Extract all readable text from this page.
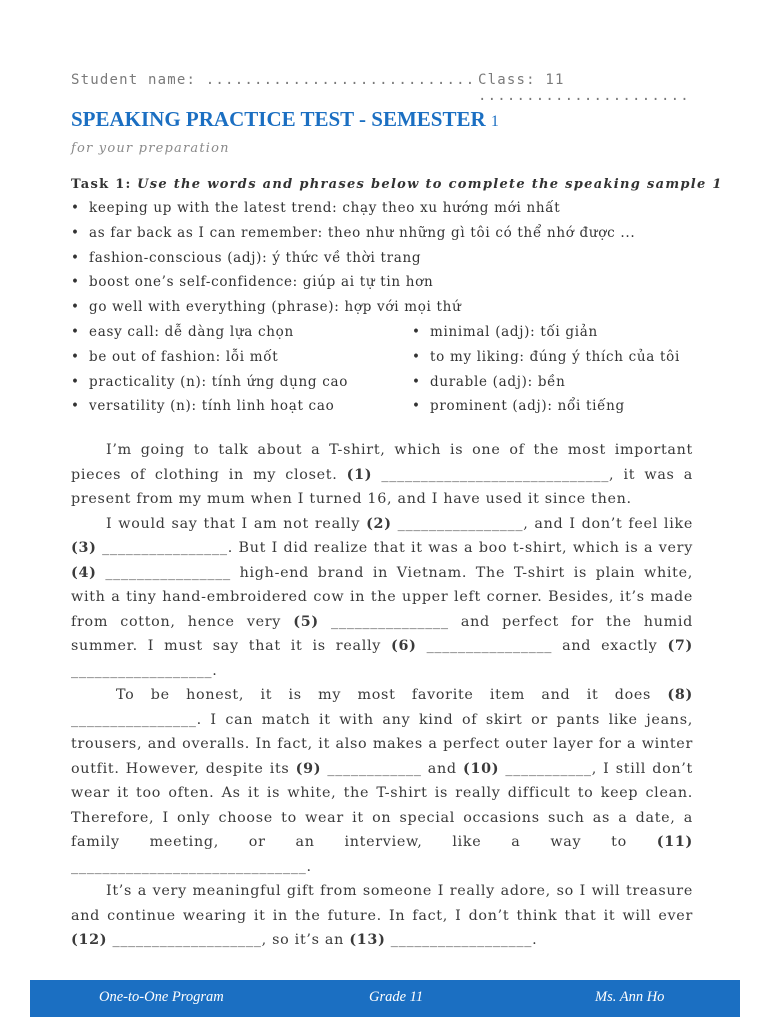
Student name: ............................ Class: 11 ......................
SPEAKING PRACTICE TEST - SEMESTER 1
for your preparation
Task 1: Use the words and phrases below to complete the speaking sample 1
• keeping up with the latest trend: chạy theo xu hướng mới nhất
• as far back as I can remember: theo như những gì tôi có thể nhớ được ...
• fashion-conscious (adj): ý thức về thời trang
• boost one’s self-confidence: giúp ai tự tin hơn
• go well with everything (phrase): hợp với mọi thứ
• easy call: dễ dàng lựa chọn	• minimal (adj): tối giản
• be out of fashion: lỗi mốt	• to my liking: đúng ý thích của tôi
• practicality (n): tính ứng dụng cao	• durable (adj): bền
• versatility (n): tính linh hoạt cao	• prominent (adj): nổi tiếng

I’m going to talk about a T-shirt, which is one of the most important pieces of clothing in my closet. (1) _____________________________, it was a present from my mum when I turned 16, and I have used it since then.

I would say that I am not really (2) ________________, and I don’t feel like (3) ________________. But I did realize that it was a boo t-shirt, which is a very (4) ________________ high-end brand in Vietnam. The T-shirt is plain white, with a tiny hand-embroidered cow in the upper left corner. Besides, it’s made from cotton, hence very (5) _______________ and perfect for the humid summer. I must say that it is really (6) ________________ and exactly (7) __________________.

To be honest, it is my most favorite item and it does (8) ________________. I can match it with any kind of skirt or pants like jeans, trousers, and overalls. In fact, it also makes a perfect outer layer for a winter outfit. However, despite its (9) ____________ and (10) ___________, I still don’t wear it too often. As it is white, the T-shirt is really difficult to keep clean. Therefore, I only choose to wear it on special occasions such as a date, a family meeting, or an interview, like a way to (11) ______________________________.

It’s a very meaningful gift from someone I really adore, so I will treasure and continue wearing it in the future. In fact, I don’t think that it will ever (12) ___________________, so it’s an (13) __________________.

One-to-One Program	Grade 11	Ms. Ann Ho
